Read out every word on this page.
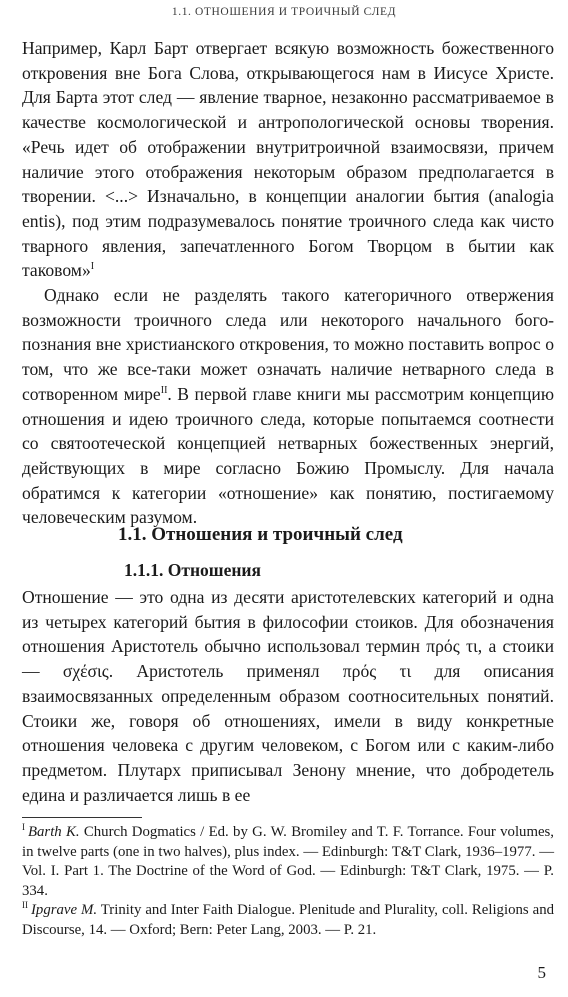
1.1. ОТНОШЕНИЯ И ТРОИЧНЫЙ СЛЕД

Например, Карл Барт отвергает всякую возможность божественного откровения вне Бога Слова, открывающегося нам в Иисусе Христе. Для Барта этот след — явление тварное, незаконно рассматриваемое в качестве космологической и антропологической основы творения. «Речь идет об отображении внутритроичной взаимосвязи, причем наличие этого отображения некоторым образом предполагается в творении. <...> Изначально, в концепции аналогии бытия (analogia entis), под этим подразумевалось понятие троичного следа как чисто тварного явления, запечатленного Богом Творцом в бытии как таковом»$^I$

Однако если не разделять такого категоричного отвержения возможности троичного следа или некоторого начального богопознания вне христианского откровения, то можно поставить вопрос о том, что же все-таки может означать наличие нетварного следа в сотворенном мире$^{II}$. В первой главе книги мы рассмотрим концепцию отношения и идею троичного следа, которые попытаемся соотнести со святоотеческой концепцией нетварных божественных энергий, действующих в мире согласно Божию Промыслу. Для начала обратимся к категории «отношение» как понятию, постигаемому человеческим разумом.

1.1. Отношения и троичный след
1.1.1. Отношения

Отношение — это одна из десяти аристотелевских категорий и одна из четырех категорий бытия в философии стоиков. Для обозначения отношения Аристотель обычно использовал термин πρός τι, а стоики — σχέσις. Аристотель применял πρός τι для описания взаимосвязанных определенным образом соотносительных понятий. Стоики же, говоря об отношениях, имели в виду конкретные отношения человека с другим человеком, с Богом или с каким-либо предметом. Плутарх приписывал Зенону мнение, что добродетель едина и различается лишь в ее

$^I$ Barth K. Church Dogmatics / Ed. by G. W. Bromiley and T. F. Torrance. Four volumes, in twelve parts (one in two halves), plus index. — Edinburgh: T&T Clark, 1936–1977. — Vol. I. Part 1. The Doctrine of the Word of God. — Edinburgh: T&T Clark, 1975. — P. 334.

$^{II}$ Ipgrave M. Trinity and Inter Faith Dialogue. Plenitude and Plurality, coll. Religions and Discourse, 14. — Oxford; Bern: Peter Lang, 2003. — P. 21.

5
